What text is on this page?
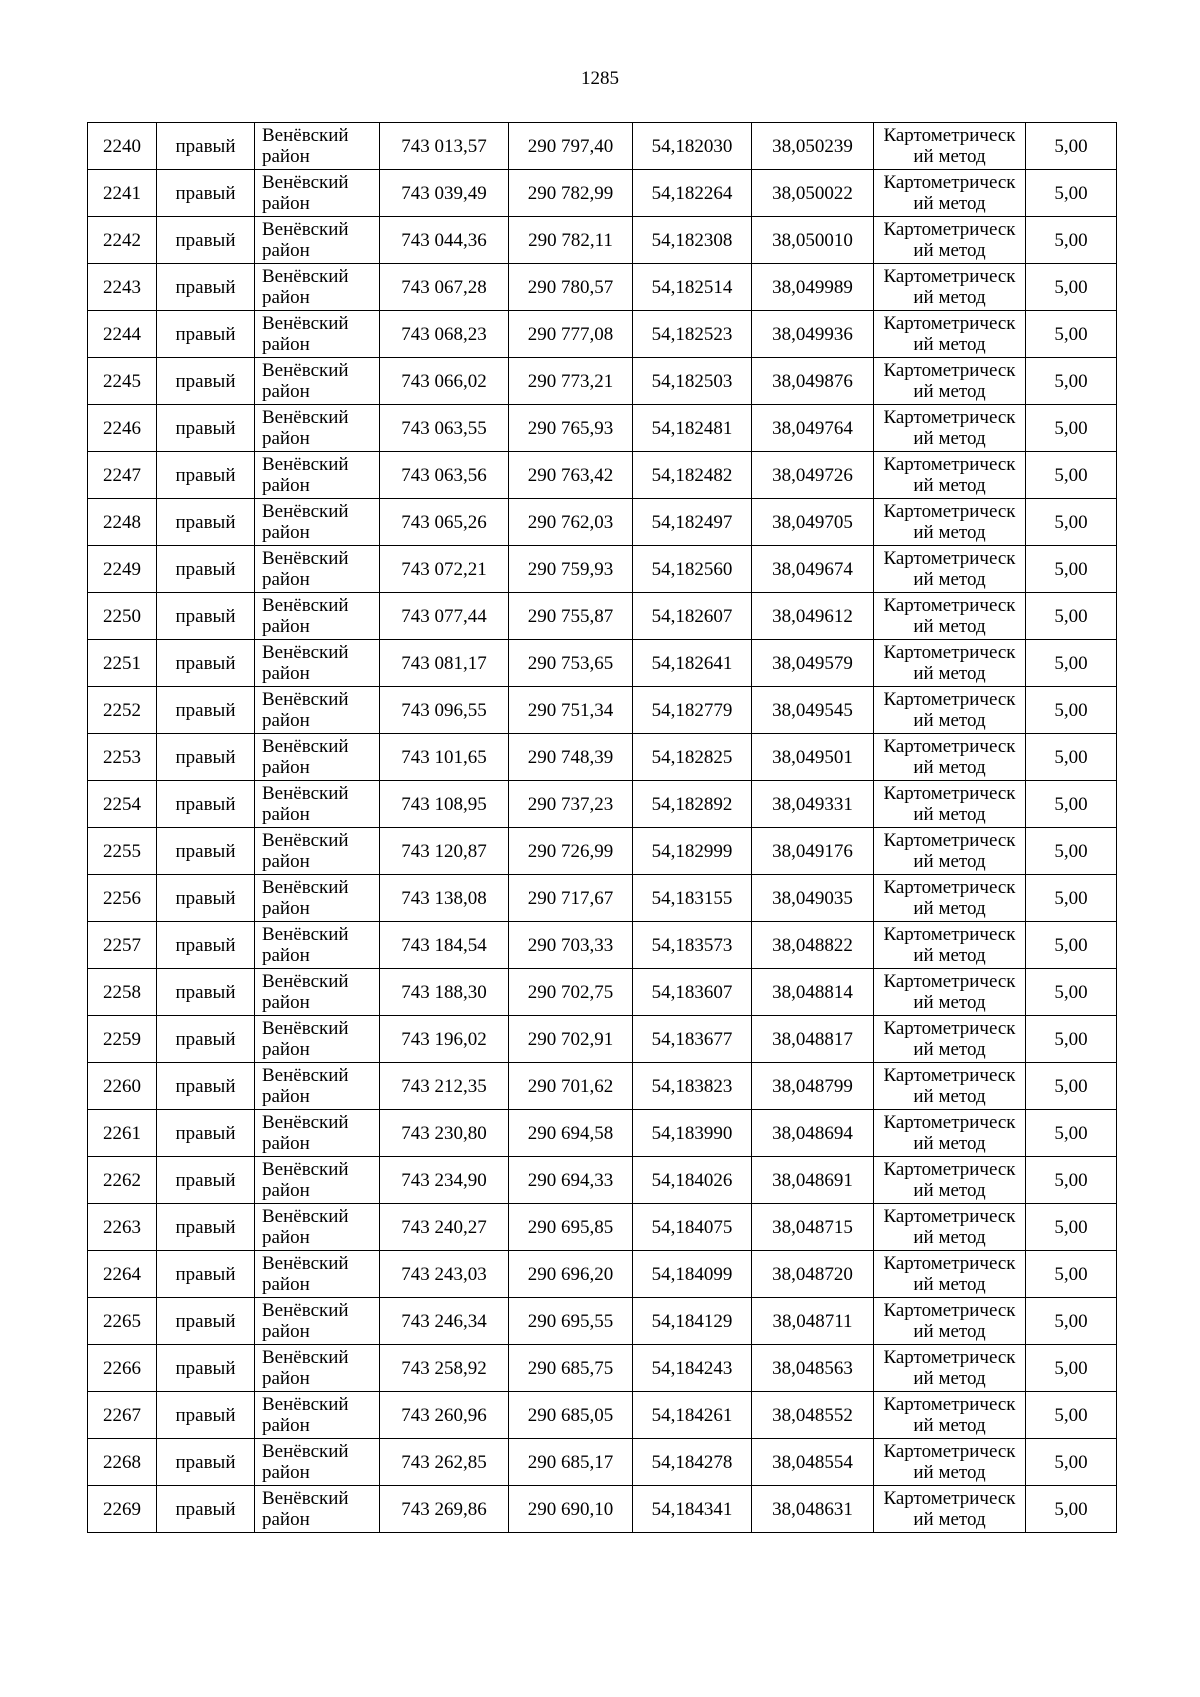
1285
2240	правый	Венёвский район	743 013,57	290 797,40	54,182030	38,050239	Картометрическ ий метод	5,00
2241	правый	Венёвский район	743 039,49	290 782,99	54,182264	38,050022	Картометрическ ий метод	5,00
2242	правый	Венёвский район	743 044,36	290 782,11	54,182308	38,050010	Картометрическ ий метод	5,00
2243	правый	Венёвский район	743 067,28	290 780,57	54,182514	38,049989	Картометрическ ий метод	5,00
2244	правый	Венёвский район	743 068,23	290 777,08	54,182523	38,049936	Картометрическ ий метод	5,00
2245	правый	Венёвский район	743 066,02	290 773,21	54,182503	38,049876	Картометрическ ий метод	5,00
2246	правый	Венёвский район	743 063,55	290 765,93	54,182481	38,049764	Картометрическ ий метод	5,00
2247	правый	Венёвский район	743 063,56	290 763,42	54,182482	38,049726	Картометрическ ий метод	5,00
2248	правый	Венёвский район	743 065,26	290 762,03	54,182497	38,049705	Картометрическ ий метод	5,00
2249	правый	Венёвский район	743 072,21	290 759,93	54,182560	38,049674	Картометрическ ий метод	5,00
2250	правый	Венёвский район	743 077,44	290 755,87	54,182607	38,049612	Картометрическ ий метод	5,00
2251	правый	Венёвский район	743 081,17	290 753,65	54,182641	38,049579	Картометрическ ий метод	5,00
2252	правый	Венёвский район	743 096,55	290 751,34	54,182779	38,049545	Картометрическ ий метод	5,00
2253	правый	Венёвский район	743 101,65	290 748,39	54,182825	38,049501	Картометрическ ий метод	5,00
2254	правый	Венёвский район	743 108,95	290 737,23	54,182892	38,049331	Картометрическ ий метод	5,00
2255	правый	Венёвский район	743 120,87	290 726,99	54,182999	38,049176	Картометрическ ий метод	5,00
2256	правый	Венёвский район	743 138,08	290 717,67	54,183155	38,049035	Картометрическ ий метод	5,00
2257	правый	Венёвский район	743 184,54	290 703,33	54,183573	38,048822	Картометрическ ий метод	5,00
2258	правый	Венёвский район	743 188,30	290 702,75	54,183607	38,048814	Картометрическ ий метод	5,00
2259	правый	Венёвский район	743 196,02	290 702,91	54,183677	38,048817	Картометрическ ий метод	5,00
2260	правый	Венёвский район	743 212,35	290 701,62	54,183823	38,048799	Картометрическ ий метод	5,00
2261	правый	Венёвский район	743 230,80	290 694,58	54,183990	38,048694	Картометрическ ий метод	5,00
2262	правый	Венёвский район	743 234,90	290 694,33	54,184026	38,048691	Картометрическ ий метод	5,00
2263	правый	Венёвский район	743 240,27	290 695,85	54,184075	38,048715	Картометрическ ий метод	5,00
2264	правый	Венёвский район	743 243,03	290 696,20	54,184099	38,048720	Картометрическ ий метод	5,00
2265	правый	Венёвский район	743 246,34	290 695,55	54,184129	38,048711	Картометрическ ий метод	5,00
2266	правый	Венёвский район	743 258,92	290 685,75	54,184243	38,048563	Картометрическ ий метод	5,00
2267	правый	Венёвский район	743 260,96	290 685,05	54,184261	38,048552	Картометрическ ий метод	5,00
2268	правый	Венёвский район	743 262,85	290 685,17	54,184278	38,048554	Картометрическ ий метод	5,00
2269	правый	Венёвский район	743 269,86	290 690,10	54,184341	38,048631	Картометрическ ий метод	5,00
